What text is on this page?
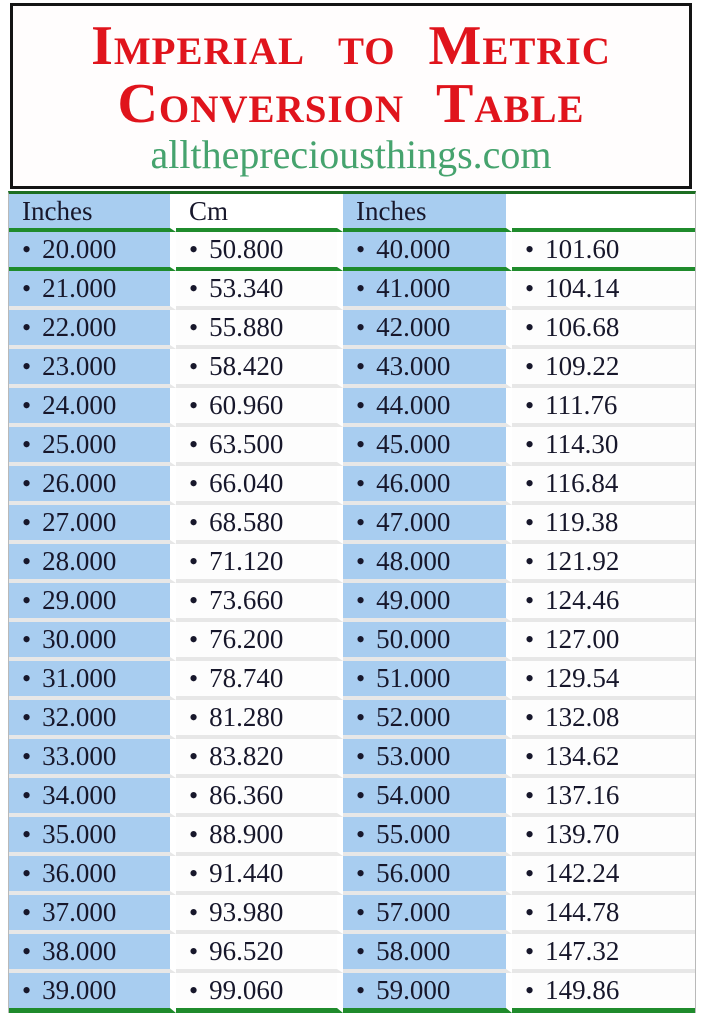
Imperial to Metric
Conversion Table
allthepreciousthings.com
Inches	Cm	Inches	
• 20.000	• 50.800	• 40.000	• 101.60
• 21.000	• 53.340	• 41.000	• 104.14
• 22.000	• 55.880	• 42.000	• 106.68
• 23.000	• 58.420	• 43.000	• 109.22
• 24.000	• 60.960	• 44.000	• 111.76
• 25.000	• 63.500	• 45.000	• 114.30
• 26.000	• 66.040	• 46.000	• 116.84
• 27.000	• 68.580	• 47.000	• 119.38
• 28.000	• 71.120	• 48.000	• 121.92
• 29.000	• 73.660	• 49.000	• 124.46
• 30.000	• 76.200	• 50.000	• 127.00
• 31.000	• 78.740	• 51.000	• 129.54
• 32.000	• 81.280	• 52.000	• 132.08
• 33.000	• 83.820	• 53.000	• 134.62
• 34.000	• 86.360	• 54.000	• 137.16
• 35.000	• 88.900	• 55.000	• 139.70
• 36.000	• 91.440	• 56.000	• 142.24
• 37.000	• 93.980	• 57.000	• 144.78
• 38.000	• 96.520	• 58.000	• 147.32
• 39.000	• 99.060	• 59.000	• 149.86
